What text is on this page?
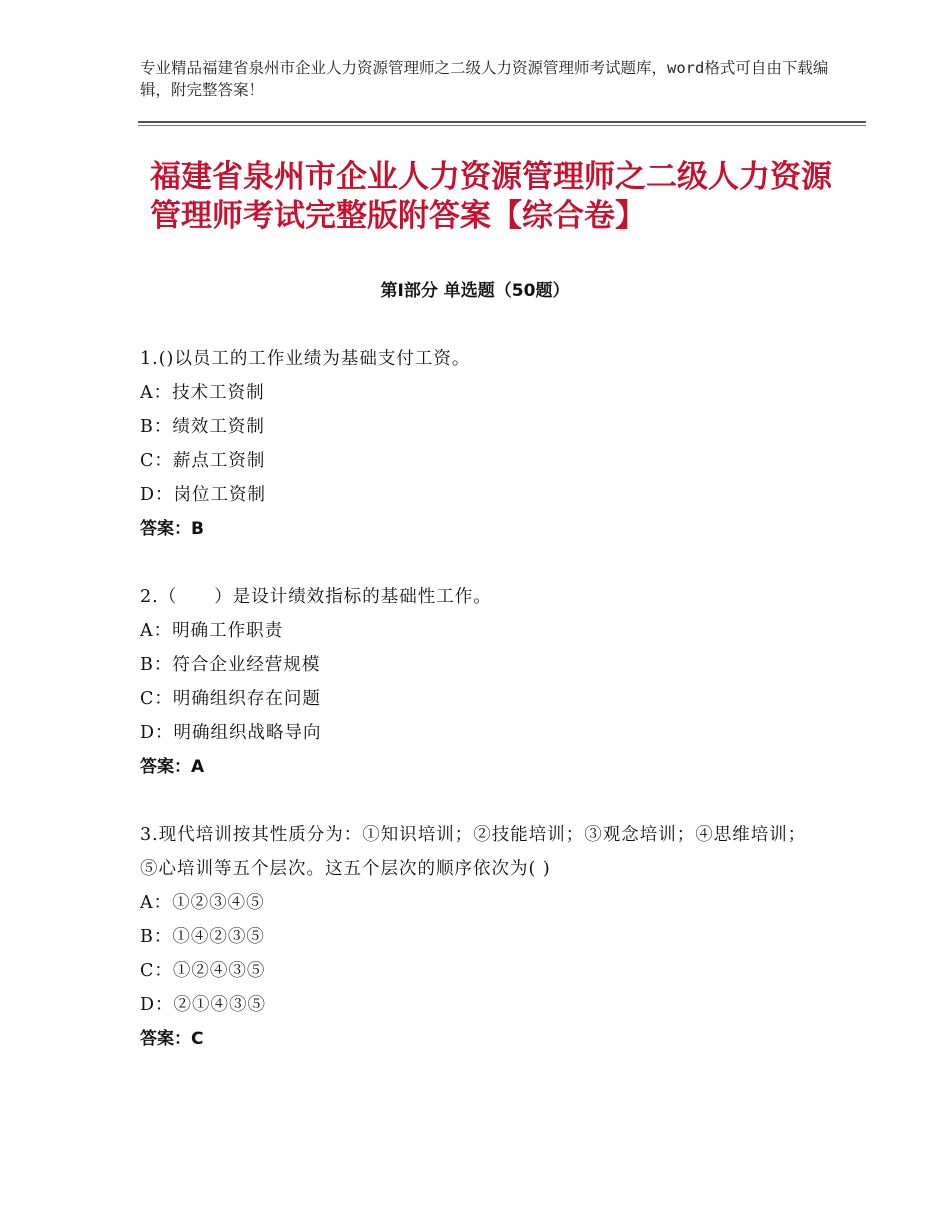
专业精品福建省泉州市企业人力资源管理师之二级人力资源管理师考试题库，word格式可自由下载编辑，附完整答案！
福建省泉州市企业人力资源管理师之二级人力资源管理师考试完整版附答案【综合卷】
第Ⅰ部分 单选题（50题）

1.()以员工的工作业绩为基础支付工资。

A：技术工资制

B：绩效工资制

C：薪点工资制

D：岗位工资制

答案：B

2.（　　）是设计绩效指标的基础性工作。

A：明确工作职责

B：符合企业经营规模

C：明确组织存在问题

D：明确组织战略导向

答案：A

3.现代培训按其性质分为：①知识培训；②技能培训；③观念培训；④思维培训；⑤心培训等五个层次。这五个层次的顺序依次为( )

A：①②③④⑤

B：①④②③⑤

C：①②④③⑤

D：②①④③⑤

答案：C
